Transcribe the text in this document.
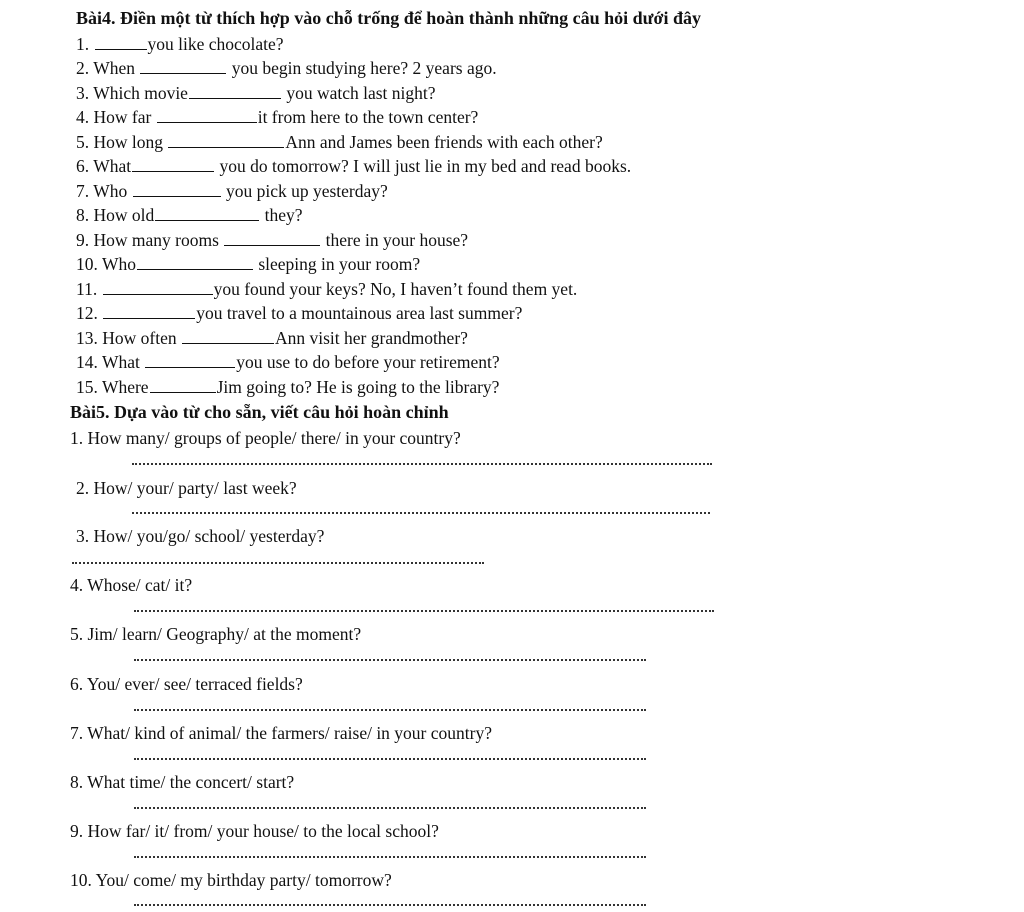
Bài4. Điền một từ thích hợp vào chỗ trống để hoàn thành những câu hỏi dưới đây
1.	you like chocolate?
2. When	you begin studying here? 2 years ago.
3. Which movie	you watch last night?
4. How far	it from here to the town center?
5. How long	Ann and James been friends with each other?
6. What	you do tomorrow? I will just lie in my bed and read books.
7. Who	you pick up yesterday?
8. How old	they?
9. How many rooms	there in your house?
10. Who	sleeping in your room?
11.	you found your keys? No, I haven’t found them yet.
12.	you travel to a mountainous area last summer?
13. How often	Ann visit her grandmother?
14. What	you use to do before your retirement?
15. Where	Jim going to? He is going to the library?
Bài5. Dựa vào từ cho sẵn, viết câu hỏi hoàn chỉnh
1. How many/ groups of people/ there/ in your country?
2. How/ your/ party/ last week?
3. How/ you/go/ school/ yesterday?
4. Whose/ cat/ it?
5. Jim/ learn/ Geography/ at the moment?
6. You/ ever/ see/ terraced fields?
7. What/ kind of animal/ the farmers/ raise/ in your country?
8. What time/ the concert/ start?
9. How far/ it/ from/ your house/ to the local school?
10. You/ come/ my birthday party/ tomorrow?
